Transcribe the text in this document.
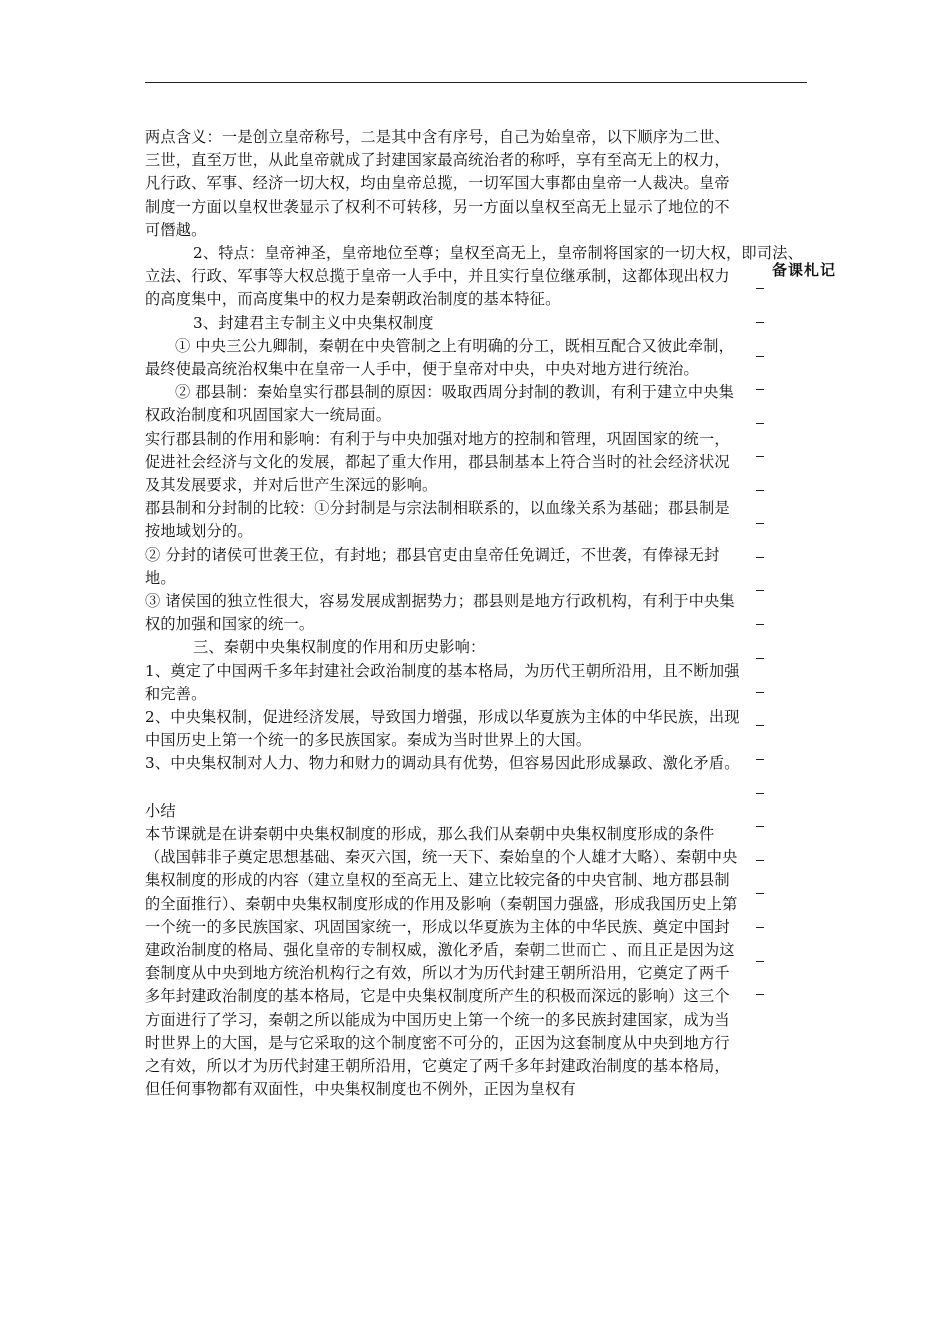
两点含义：一是创立皇帝称号，二是其中含有序号，自己为始皇帝，以下顺序为二世、三世，直至万世，从此皇帝就成了封建国家最高统治者的称呼，享有至高无上的权力，凡行政、军事、经济一切大权，均由皇帝总揽，一切军国大事都由皇帝一人裁决。皇帝制度一方面以皇权世袭显示了权利不可转移，另一方面以皇权至高无上显示了地位的不可僭越。

2、特点：皇帝神圣，皇帝地位至尊；皇权至高无上，皇帝制将国家的一切大权，即司法、

立法、行政、军事等大权总揽于皇帝一人手中，并且实行皇位继承制，这都体现出权力的高度集中，而高度集中的权力是秦朝政治制度的基本特征。

3、封建君主专制主义中央集权制度

① 中央三公九卿制，秦朝在中央管制之上有明确的分工，既相互配合又彼此牵制，最终使最高统治权集中在皇帝一人手中，便于皇帝对中央，中央对地方进行统治。

② 郡县制：秦始皇实行郡县制的原因：吸取西周分封制的教训，有利于建立中央集权政治制度和巩固国家大一统局面。

实行郡县制的作用和影响：有利于与中央加强对地方的控制和管理，巩固国家的统一，促进社会经济与文化的发展，都起了重大作用，郡县制基本上符合当时的社会经济状况及其发展要求，并对后世产生深远的影响。

郡县制和分封制的比较：①分封制是与宗法制相联系的，以血缘关系为基础；郡县制是按地域划分的。

② 分封的诸侯可世袭王位，有封地；郡县官吏由皇帝任免调迁，不世袭，有俸禄无封地。

③ 诸侯国的独立性很大，容易发展成割据势力；郡县则是地方行政机构，有利于中央集权的加强和国家的统一。

三、秦朝中央集权制度的作用和历史影响：

1、奠定了中国两千多年封建社会政治制度的基本格局，为历代王朝所沿用，且不断加强和完善。

2、中央集权制，促进经济发展，导致国力增强，形成以华夏族为主体的中华民族，出现中国历史上第一个统一的多民族国家。秦成为当时世界上的大国。

3、中央集权制对人力、物力和财力的调动具有优势，但容易因此形成暴政、激化矛盾。

小结

本节课就是在讲秦朝中央集权制度的形成，那么我们从秦朝中央集权制度形成的条件（战国韩非子奠定思想基础、秦灭六国，统一天下、秦始皇的个人雄才大略）、秦朝中央集权制度的形成的内容（建立皇权的至高无上、建立比较完备的中央官制、地方郡县制的全面推行）、秦朝中央集权制度形成的作用及影响（秦朝国力强盛，形成我国历史上第一个统一的多民族国家、巩固国家统一，形成以华夏族为主体的中华民族、奠定中国封建政治制度的格局、强化皇帝的专制权威，激化矛盾，秦朝二世而亡 、而且正是因为这套制度从中央到地方统治机构行之有效，所以才为历代封建王朝所沿用，它奠定了两千多年封建政治制度的基本格局，它是中央集权制度所产生的积极而深远的影响）这三个方面进行了学习，秦朝之所以能成为中国历史上第一个统一的多民族封建国家，成为当时世界上的大国，是与它采取的这个制度密不可分的，正因为这套制度从中央到地方行之有效，所以才为历代封建王朝所沿用，它奠定了两千多年封建政治制度的基本格局，但任何事物都有双面性，中央集权制度也不例外，正因为皇权有

备课札记
